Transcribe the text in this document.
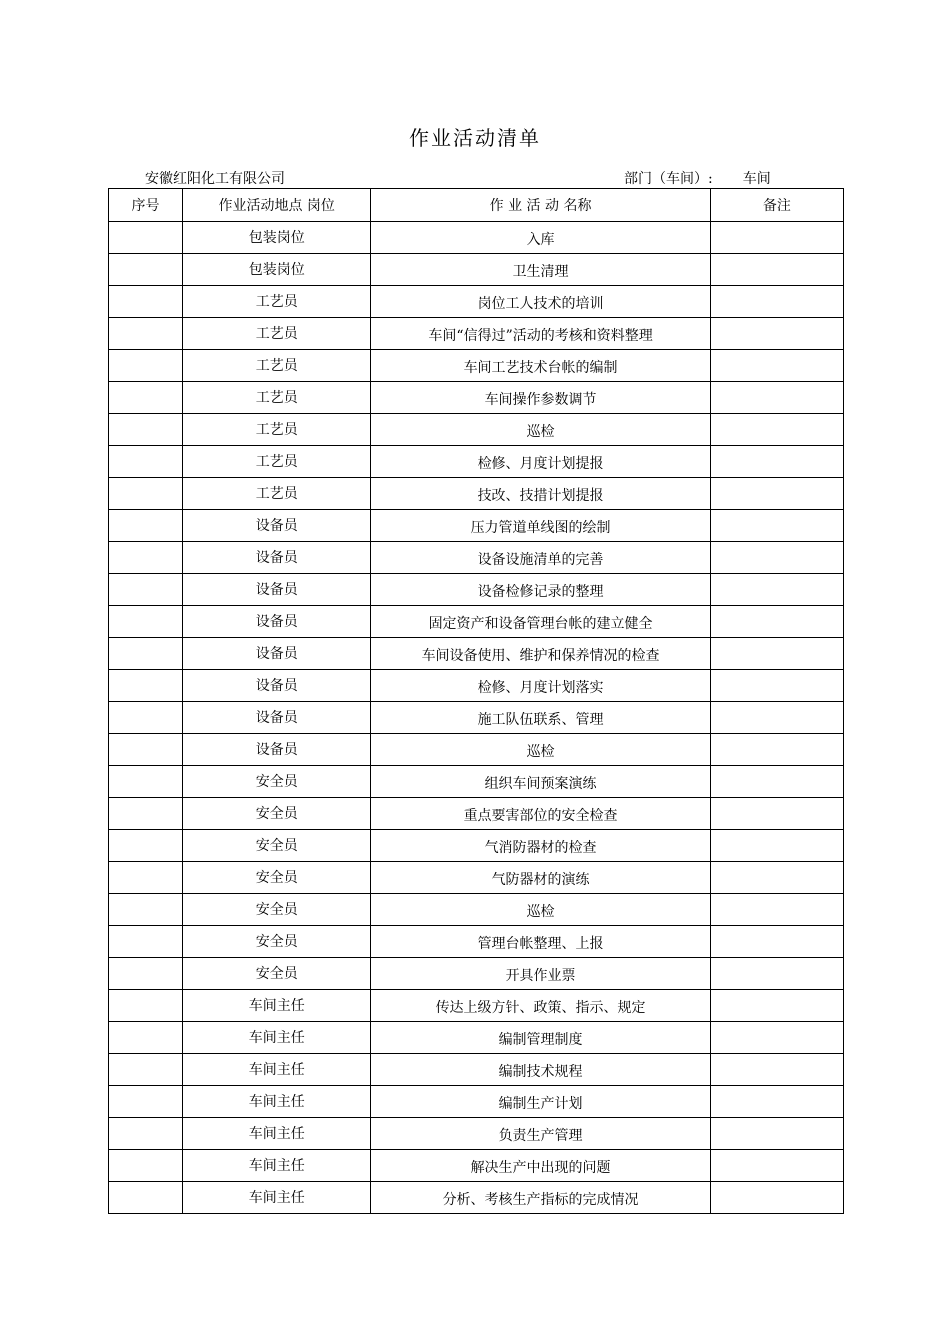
作业活动清单
安徽红阳化工有限公司	部门（车间）: 车间
序号	作业活动地点 岗位	作 业 活 动 名称	备注
	包装岗位	入库	
	包装岗位	卫生清理	
	工艺员	岗位工人技术的培训	
	工艺员	车间“信得过”活动的考核和资料整理	
	工艺员	车间工艺技术台帐的编制	
	工艺员	车间操作参数调节	
	工艺员	巡检	
	工艺员	检修、月度计划提报	
	工艺员	技改、技措计划提报	
	设备员	压力管道单线图的绘制	
	设备员	设备设施清单的完善	
	设备员	设备检修记录的整理	
	设备员	固定资产和设备管理台帐的建立健全	
	设备员	车间设备使用、维护和保养情况的检查	
	设备员	检修、月度计划落实	
	设备员	施工队伍联系、管理	
	设备员	巡检	
	安全员	组织车间预案演练	
	安全员	重点要害部位的安全检查	
	安全员	气消防器材的检查	
	安全员	气防器材的演练	
	安全员	巡检	
	安全员	管理台帐整理、上报	
	安全员	开具作业票	
	车间主任	传达上级方针、政策、指示、规定	
	车间主任	编制管理制度	
	车间主任	编制技术规程	
	车间主任	编制生产计划	
	车间主任	负责生产管理	
	车间主任	解决生产中出现的问题	
	车间主任	分析、考核生产指标的完成情况	
